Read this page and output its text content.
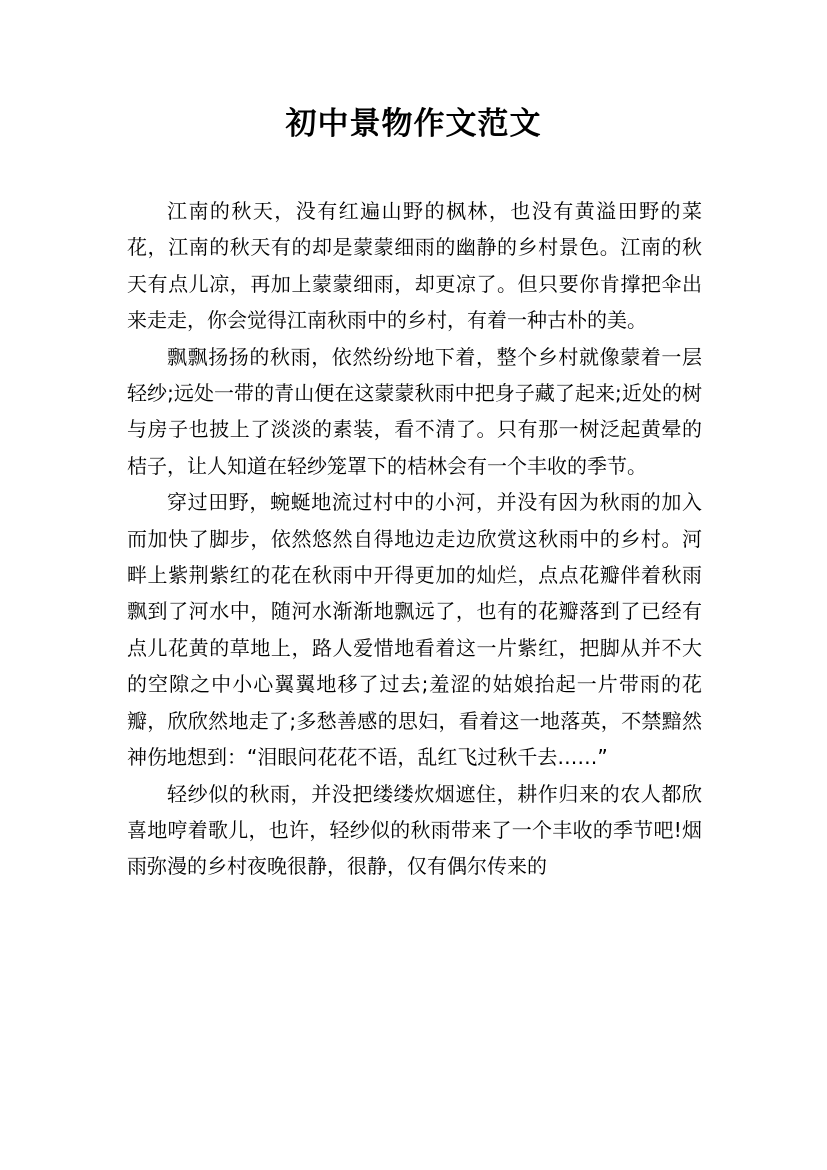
初中景物作文范文

江南的秋天，没有红遍山野的枫林，也没有黄溢田野的菜花，江南的秋天有的却是蒙蒙细雨的幽静的乡村景色。江南的秋天有点儿凉，再加上蒙蒙细雨，却更凉了。但只要你肯撑把伞出来走走，你会觉得江南秋雨中的乡村，有着一种古朴的美。

飘飘扬扬的秋雨，依然纷纷地下着，整个乡村就像蒙着一层轻纱;远处一带的青山便在这蒙蒙秋雨中把身子藏了起来;近处的树与房子也披上了淡淡的素装，看不清了。只有那一树泛起黄晕的桔子，让人知道在轻纱笼罩下的桔林会有一个丰收的季节。

穿过田野，蜿蜒地流过村中的小河，并没有因为秋雨的加入而加快了脚步，依然悠然自得地边走边欣赏这秋雨中的乡村。河畔上紫荆紫红的花在秋雨中开得更加的灿烂，点点花瓣伴着秋雨飘到了河水中，随河水渐渐地飘远了，也有的花瓣落到了已经有点儿花黄的草地上，路人爱惜地看着这一片紫红，把脚从并不大的空隙之中小心翼翼地移了过去;羞涩的姑娘抬起一片带雨的花瓣，欣欣然地走了;多愁善感的思妇，看着这一地落英，不禁黯然神伤地想到：“泪眼问花花不语，乱红飞过秋千去……”

轻纱似的秋雨，并没把缕缕炊烟遮住，耕作归来的农人都欣喜地哼着歌儿，也许，轻纱似的秋雨带来了一个丰收的季节吧!烟雨弥漫的乡村夜晚很静，很静，仅有偶尔传来的
